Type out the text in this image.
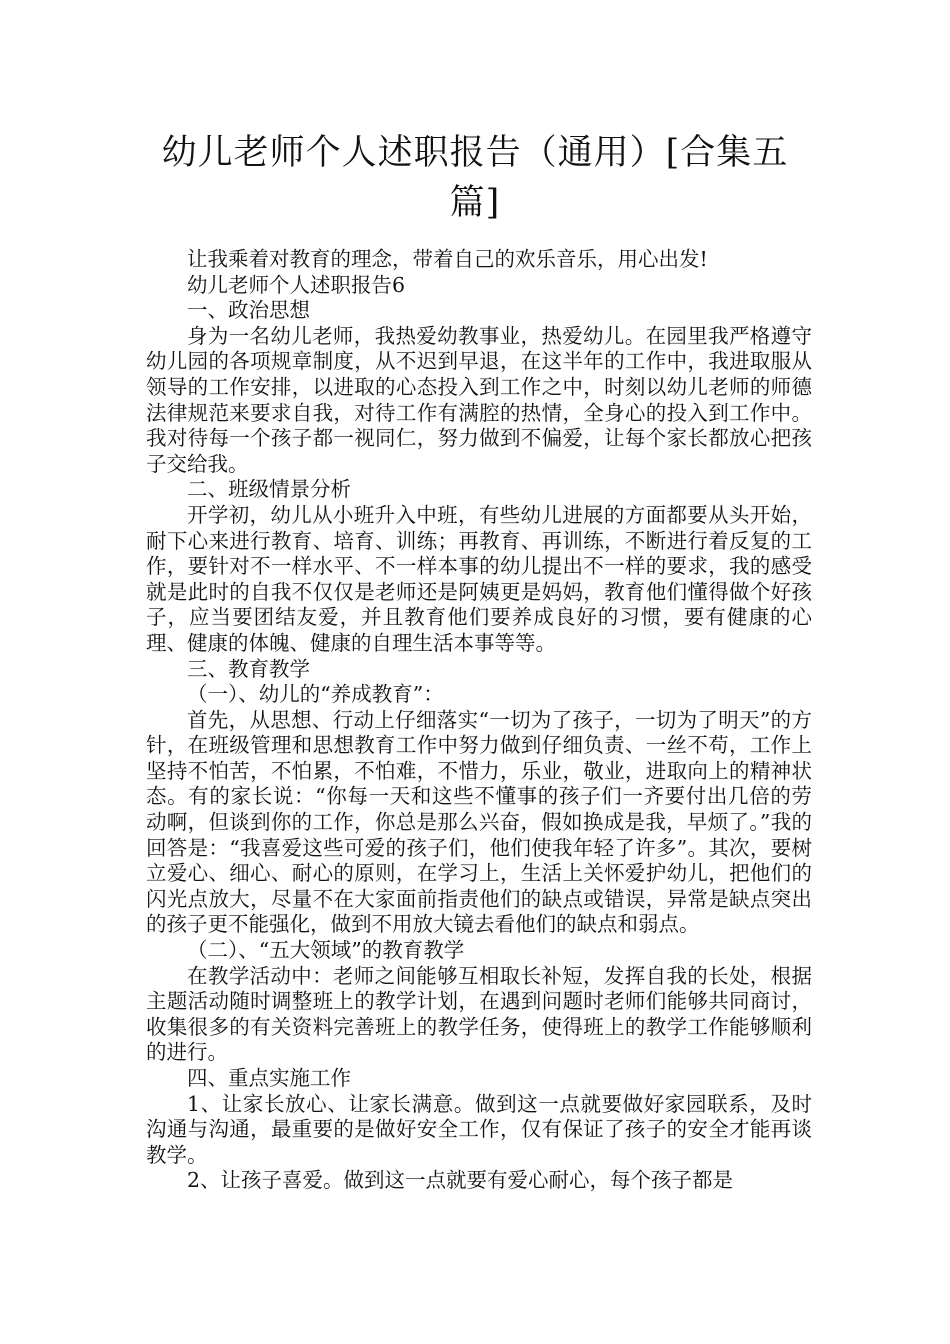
幼儿老师个人述职报告（通用）[合集五篇]

让我乘着对教育的理念，带着自己的欢乐音乐，用心出发!

幼儿老师个人述职报告6

一、政治思想

身为一名幼儿老师，我热爱幼教事业，热爱幼儿。在园里我严格遵守幼儿园的各项规章制度，从不迟到早退，在这半年的工作中，我进取服从领导的工作安排，以进取的心态投入到工作之中，时刻以幼儿老师的师德法律规范来要求自我，对待工作有满腔的热情，全身心的投入到工作中。我对待每一个孩子都一视同仁，努力做到不偏爱，让每个家长都放心把孩子交给我。

二、班级情景分析

开学初，幼儿从小班升入中班，有些幼儿进展的方面都要从头开始，耐下心来进行教育、培育、训练；再教育、再训练，不断进行着反复的工作，要针对不一样水平、不一样本事的幼儿提出不一样的要求，我的感受就是此时的自我不仅仅是老师还是阿姨更是妈妈，教育他们懂得做个好孩子，应当要团结友爱，并且教育他们要养成良好的习惯，要有健康的心理、健康的体魄、健康的自理生活本事等等。

三、教育教学

（一）、幼儿的“养成教育”：

首先，从思想、行动上仔细落实“一切为了孩子，一切为了明天”的方针，在班级管理和思想教育工作中努力做到仔细负责、一丝不苟，工作上坚持不怕苦，不怕累，不怕难，不惜力，乐业，敬业，进取向上的精神状态。有的家长说：“你每一天和这些不懂事的孩子们一齐要付出几倍的劳动啊，但谈到你的工作，你总是那么兴奋，假如换成是我，早烦了。”我的回答是：“我喜爱这些可爱的孩子们，他们使我年轻了许多”。其次，要树立爱心、细心、耐心的原则，在学习上，生活上关怀爱护幼儿，把他们的闪光点放大，尽量不在大家面前指责他们的缺点或错误，异常是缺点突出的孩子更不能强化，做到不用放大镜去看他们的缺点和弱点。

（二）、“五大领域”的教育教学

在教学活动中：老师之间能够互相取长补短，发挥自我的长处，根据主题活动随时调整班上的教学计划，在遇到问题时老师们能够共同商讨，收集很多的有关资料完善班上的教学任务，使得班上的教学工作能够顺利的进行。

四、重点实施工作

1、让家长放心、让家长满意。做到这一点就要做好家园联系，及时沟通与沟通，最重要的是做好安全工作，仅有保证了孩子的安全才能再谈教学。

2、让孩子喜爱。做到这一点就要有爱心耐心，每个孩子都是
